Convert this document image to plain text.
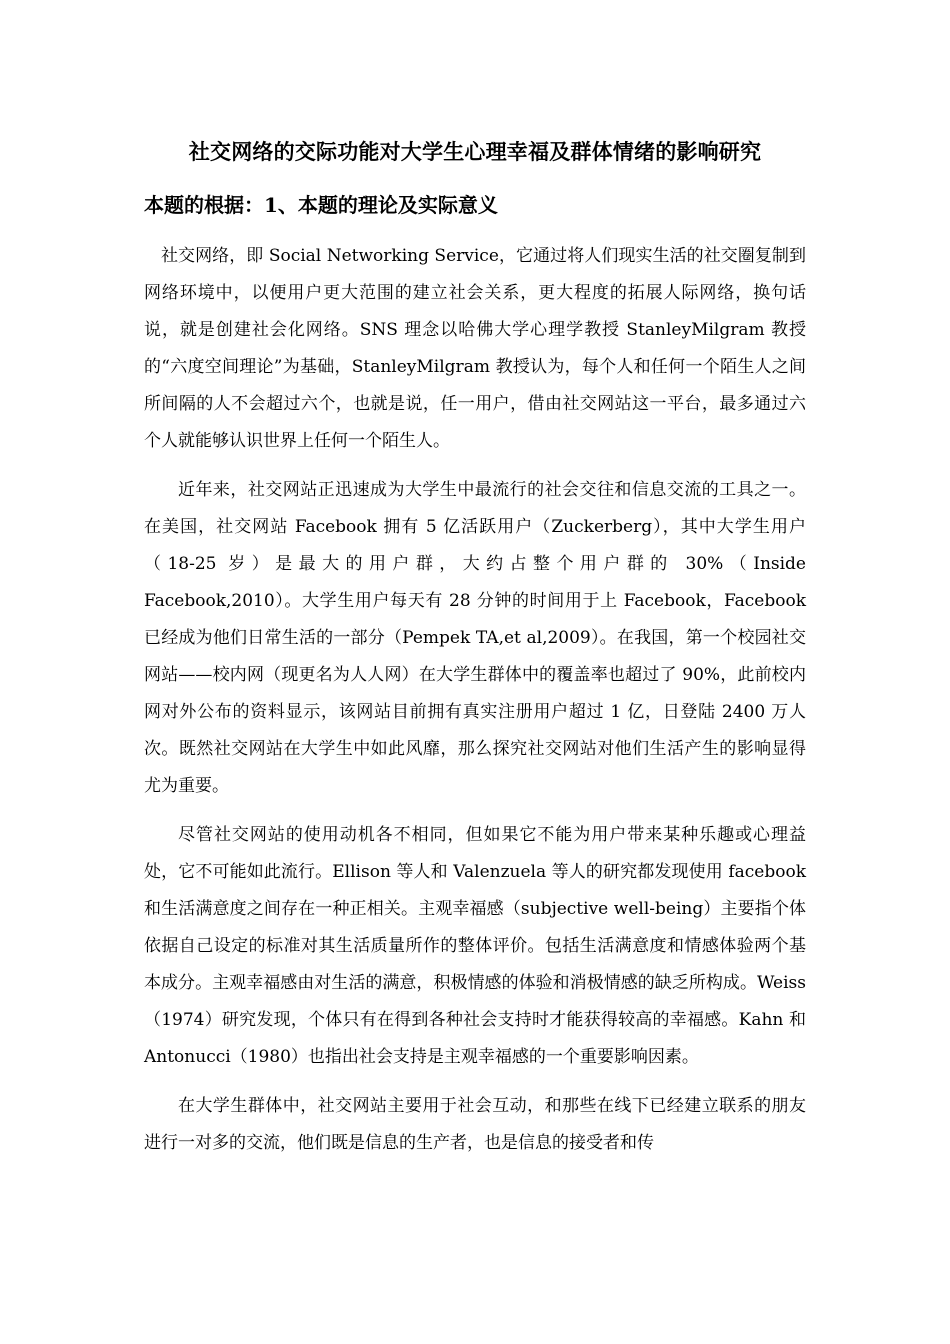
社交网络的交际功能对大学生心理幸福及群体情绪的影响研究
本题的根据：1、本题的理论及实际意义

社交网络，即 Social Networking Service，它通过将人们现实生活的社交圈复制到网络环境中，以便用户更大范围的建立社会关系，更大程度的拓展人际网络，换句话说，就是创建社会化网络。SNS 理念以哈佛大学心理学教授 StanleyMilgram 教授的“六度空间理论”为基础，StanleyMilgram 教授认为，每个人和任何一个陌生人之间所间隔的人不会超过六个，也就是说，任一用户，借由社交网站这一平台，最多通过六个人就能够认识世界上任何一个陌生人。

近年来，社交网站正迅速成为大学生中最流行的社会交往和信息交流的工具之一。在美国，社交网站 Facebook 拥有 5 亿活跃用户（Zuckerberg），其中大学生用户（18-25 岁）是最大的用户群，大约占整个用户群的 30%（Inside Facebook,2010）。大学生用户每天有 28 分钟的时间用于上 Facebook，Facebook 已经成为他们日常生活的一部分（Pempek TA,et al,2009）。在我国，第一个校园社交网站——校内网（现更名为人人网）在大学生群体中的覆盖率也超过了 90%，此前校内网对外公布的资料显示，该网站目前拥有真实注册用户超过 1 亿，日登陆 2400 万人次。既然社交网站在大学生中如此风靡，那么探究社交网站对他们生活产生的影响显得尤为重要。

尽管社交网站的使用动机各不相同，但如果它不能为用户带来某种乐趣或心理益处，它不可能如此流行。Ellison 等人和 Valenzuela 等人的研究都发现使用 facebook 和生活满意度之间存在一种正相关。主观幸福感（subjective well-being）主要指个体依据自己设定的标准对其生活质量所作的整体评价。包括生活满意度和情感体验两个基本成分。主观幸福感由对生活的满意，积极情感的体验和消极情感的缺乏所构成。Weiss（1974）研究发现，个体只有在得到各种社会支持时才能获得较高的幸福感。Kahn 和 Antonucci（1980）也指出社会支持是主观幸福感的一个重要影响因素。

在大学生群体中，社交网站主要用于社会互动，和那些在线下已经建立联系的朋友进行一对多的交流，他们既是信息的生产者，也是信息的接受者和传
